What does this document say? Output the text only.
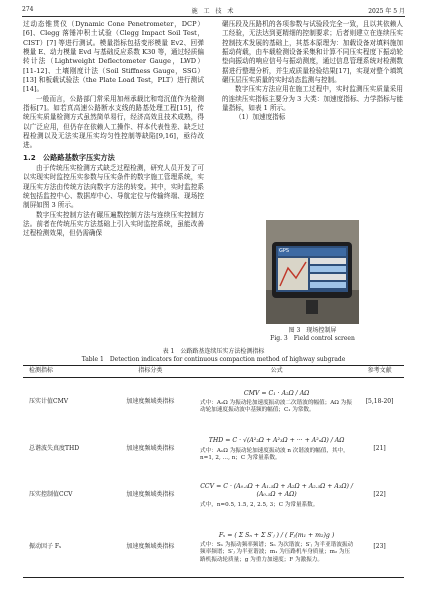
274	施 工 技 术	2025 年 5 月

过动态锥贯仪（Dynamic Cone Penetrometer，DCP）[6]、Clegg 落锤冲积土试验（Clegg Impact Soil Test，CIST）[7] 等进行测试。模量指标包括变形模量 Ev2、回弹模量 E、动力模量 Evd 与基础反应系数 K30 等，通过轻质偏转计法（Lightweight Deflectometer Gauge，LWD）[11-12]、土壤刚度计法（Soil Stiffness Gauge，SSG）[13] 和板载试验法（the Plate Load Test，PLT）进行测试[14]。

一般而言，公路部门常采用加州承载比和弯沉值作为检测指标[7]。如若真高速公路断水支线的路基处理工程[15]，传统压实质量检测方式虽然简单易行，经济高效且技术成熟，得以广泛应用，但仍存在依赖人工操作、样本代表性差、缺乏过程检测以及无法实现压实均匀性控制等缺陷[9,16]，亟待改进。

1.2　公路路基数字压实方法

由于传统压实检测方式缺乏过程检测，研究人员开发了可以实现实时监控压实参数与压实条件的数字施工管理系统，实现压实方法由传统方法向数字方法的转变。其中，实时监控系统包括监控中心、数据库中心、导航定位与传输终端、现场控制屏如图 3 所示。

数字压实控制方法有碾压遍数控制方法与连续压实控制方法。前者在传统压实方法基础上引入实时监控系统，虽能改善过程检测效果，但仍需确保

碾压段及压路机的各项参数与试验段完全一致，且以其依赖人工经验，无法达到更精细的控制要求；后者则建立在连续压实控制技术发展的基础上，其基本原理为：加载设备对填料施加振动荷载，由车载检测设备采集和计算不同压实程度下振动轮垫向振动的响应信号与振动测度，通过信息管理系统对检测数据进行整理分析，并生成质量检验结果[17]，实现对整个填筑碾压层压实质量的实时动态监测与控制。

数字压实方法应用在施工过程中，实时监测压实质量采用的连续压实指标主要分为 3 大类：加速度指标、力学指标与能量指标，如表 1 所示。

（1）加速度指标

GPS
图 3　现场控制屏
Fig. 3　Field control screen
表 1　公路路基连续压实方法检测指标
Table 1　Detection indicators for continuous compaction method of highway subgrade
检测指标	指标分类	公式	参考文献
压实计值CMV	加速度频域类指标	CMV = C₁ · A₂Ω / AΩ
式中：A₂Ω 为振动轮加速度振动波二次谐波的幅值；AΩ 为振动轮加速度振动波中基频的幅值；C₁ 为常数。	[5,18-20]
总谐波失真度THD	加速度频域类指标	THD = C · √(A²₂Ω + A²₃Ω + ··· + A²ₙΩ) / AΩ
式中：AₙΩ 为振动轮加速度振动波 n 次谐波的幅值，其中，n=1, 2, …, n；C 为常量系数。	[21]
压实控制值CCV	加速度频域类指标	CCV = C · (A₀.₅Ω + A₁.₅Ω + A₂Ω + A₂.₅Ω + A₃Ω) / (A₀.₅Ω + AΩ)
式中，n=0.5, 1.5, 2, 2.5, 3；C 为常量系数。	[22]
振动因子 Fₛ	加速度频域类指标	Fₛ = ( Σ Sₙ + Σ S′ⱼ ) / ( Fⱼ(m₁ + m₂)g )
式中：Sₙ 为振动频率频谱；Sₙ 为次谐波；S′ⱼ 为半亚谐波振动频率频谱；S′ⱼ 为半亚谐波；m₁ 为压路机车身质量；m₂ 为压路机振动轮质量；g 为重力加速度；F 为激振力。	[23]
